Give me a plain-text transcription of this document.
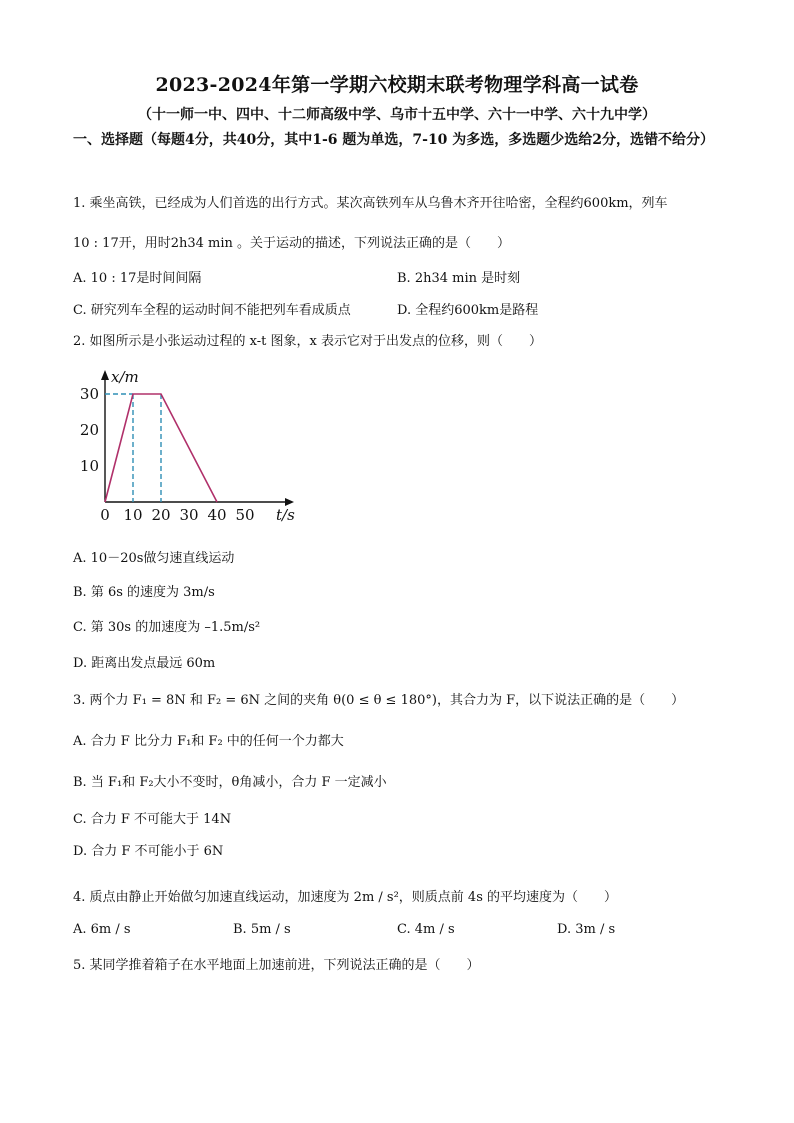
2023-2024年第一学期六校期末联考物理学科高一试卷
（十一师一中、四中、十二师高级中学、乌市十五中学、六十一中学、六十九中学）
一、选择题（每题4分，共40分，其中1-6 题为单选，7-10 为多选，多选题少选给2分，选错不给分）
1. 乘坐高铁，已经成为人们首选的出行方式。某次高铁列车从乌鲁木齐开往哈密，全程约600km，列车
10 : 17开，用时2h34 min 。关于运动的描述，下列说法正确的是（　　）
A. 10 : 17是时间间隔	B. 2h34 min 是时刻
C. 研究列车全程的运动时间不能把列车看成质点	D. 全程约600km是路程
2. 如图所示是小张运动过程的 x-t 图象，x 表示它对于出发点的位移，则（　　）
x/m
t/s
0 10 20 30 40 50
10
20
30
A. 10－20s做匀速直线运动
B. 第 6s 的速度为 3m/s
C. 第 30s 的加速度为 –1.5m/s²
D. 距离出发点最远 60m
3. 两个力 F₁ = 8N 和 F₂ = 6N 之间的夹角 θ(0 ≤ θ ≤ 180°)，其合力为 F，以下说法正确的是（　　）
A. 合力 F 比分力 F₁和 F₂ 中的任何一个力都大
B. 当 F₁和 F₂大小不变时，θ角减小，合力 F 一定减小
C. 合力 F 不可能大于 14N
D. 合力 F 不可能小于 6N
4. 质点由静止开始做匀加速直线运动，加速度为 2m / s²，则质点前 4s 的平均速度为（　　）
A. 6m / s	B. 5m / s	C. 4m / s	D. 3m / s
5. 某同学推着箱子在水平地面上加速前进，下列说法正确的是（　　）
